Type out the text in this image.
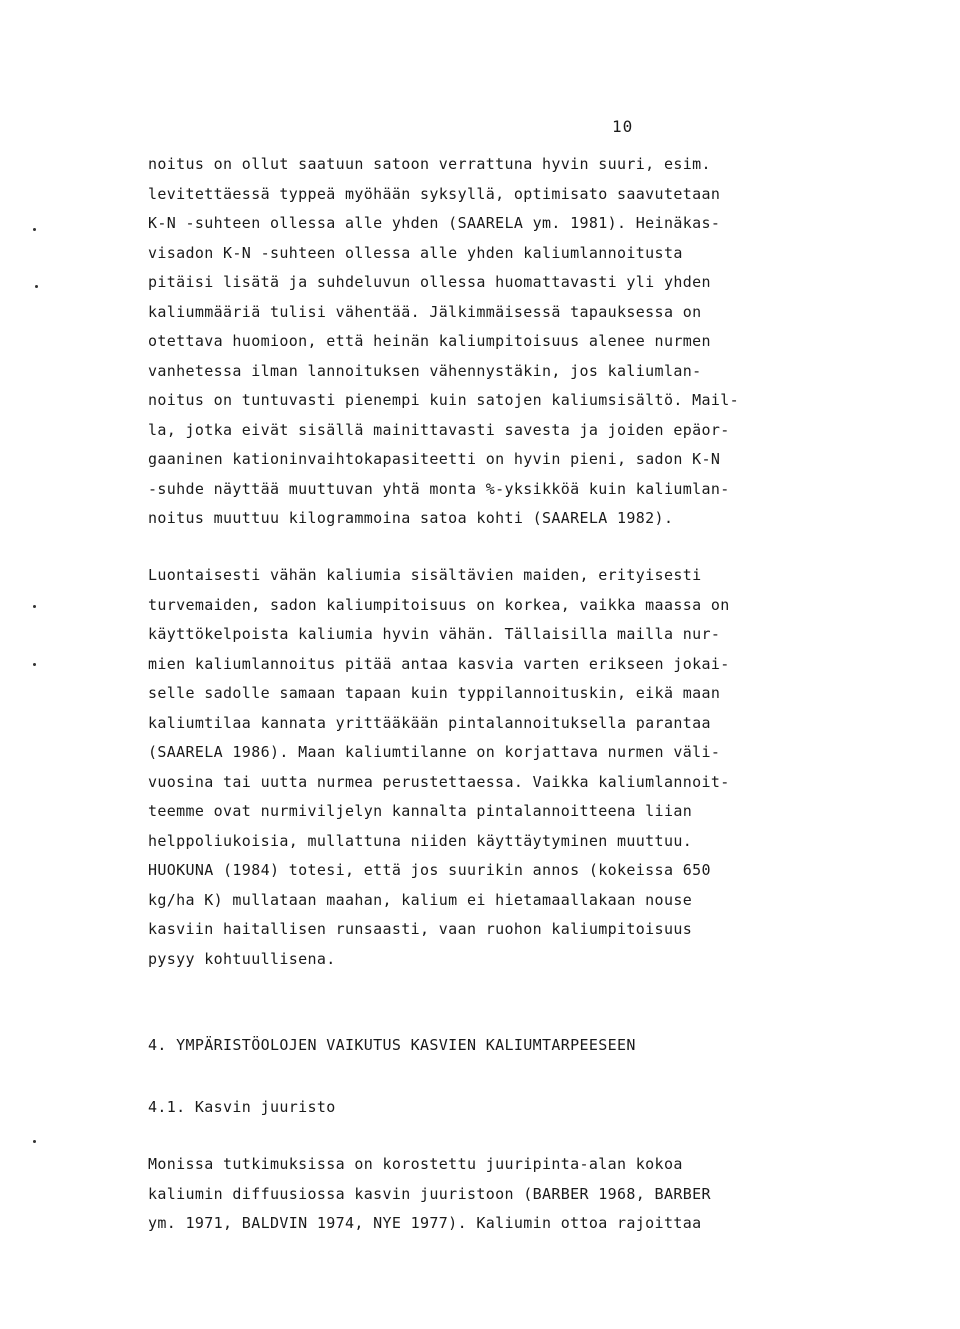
10
noitus on ollut saatuun satoon verrattuna hyvin suuri, esim.
levitettäessä typpeä myöhään syksyllä, optimisato saavutetaan
K-N -suhteen ollessa alle yhden (SAARELA ym. 1981). Heinäkas-
visadon K-N -suhteen ollessa alle yhden kaliumlannoitusta
pitäisi lisätä ja suhdeluvun ollessa huomattavasti yli yhden
kaliummääriä tulisi vähentää. Jälkimmäisessä tapauksessa on
otettava huomioon, että heinän kaliumpitoisuus alenee nurmen
vanhetessa ilman lannoituksen vähennystäkin, jos kaliumlan-
noitus on tuntuvasti pienempi kuin satojen kaliumsisältö. Mail-
la, jotka eivät sisällä mainittavasti savesta ja joiden epäor-
gaaninen kationinvaihtokapasiteetti on hyvin pieni, sadon K-N
-suhde näyttää muuttuvan yhtä monta %-yksikköä kuin kaliumlan-
noitus muuttuu kilogrammoina satoa kohti (SAARELA 1982).
Luontaisesti vähän kaliumia sisältävien maiden, erityisesti
turvemaiden, sadon kaliumpitoisuus on korkea, vaikka maassa on
käyttökelpoista kaliumia hyvin vähän. Tällaisilla mailla nur-
mien kaliumlannoitus pitää antaa kasvia varten erikseen jokai-
selle sadolle samaan tapaan kuin typpilannoituskin, eikä maan
kaliumtilaa kannata yrittääkään pintalannoituksella parantaa
(SAARELA 1986). Maan kaliumtilanne on korjattava nurmen väli-
vuosina tai uutta nurmea perustettaessa. Vaikka kaliumlannoit-
teemme ovat nurmiviljelyn kannalta pintalannoitteena liian
helppoliukoisia, mullattuna niiden käyttäytyminen muuttuu.
HUOKUNA (1984) totesi, että jos suurikin annos (kokeissa 650
kg/ha K) mullataan maahan, kalium ei hietamaallakaan nouse
kasviin haitallisen runsaasti, vaan ruohon kaliumpitoisuus
pysyy kohtuullisena.
4. YMPÄRISTÖOLOJEN VAIKUTUS KASVIEN KALIUMTARPEESEEN
4.1. Kasvin juuristo
Monissa tutkimuksissa on korostettu juuripinta-alan kokoa
kaliumin diffuusiossa kasvin juuristoon (BARBER 1968, BARBER
ym. 1971, BALDVIN 1974, NYE 1977). Kaliumin ottoa rajoittaa
